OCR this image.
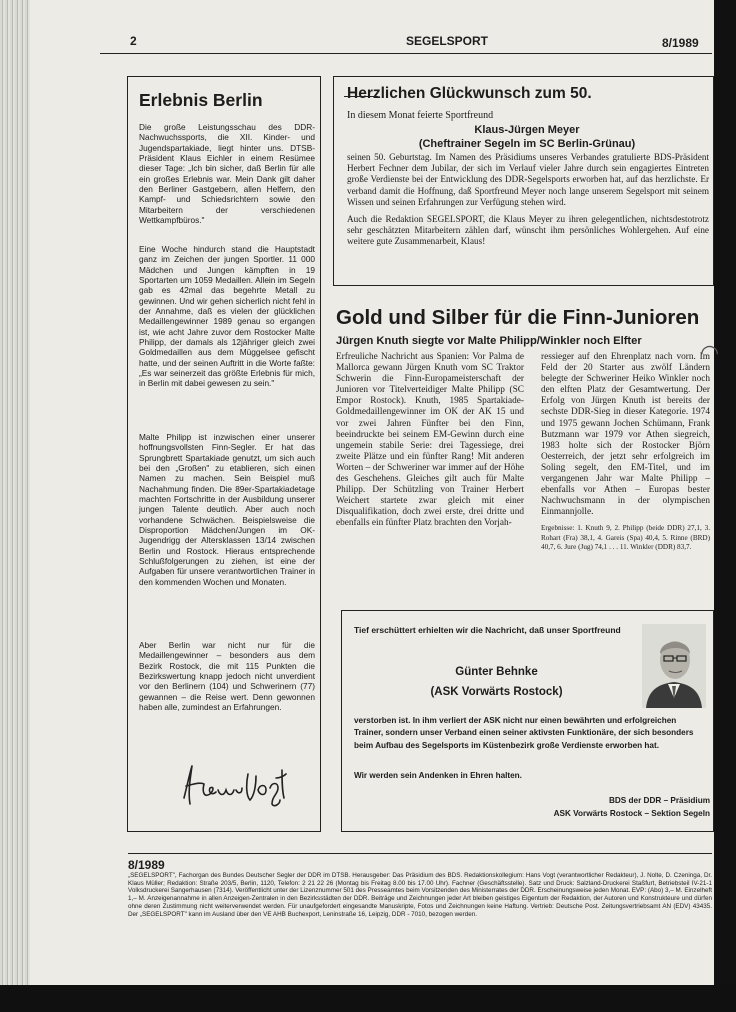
2	SEGELSPORT	8/1989
Erlebnis Berlin
Die große Leistungsschau des DDR-Nachwuchssports, die XII. Kinder- und Jugendspartakiade, liegt hinter uns. DTSB-Präsident Klaus Eichler in einem Resümee dieser Tage: „Ich bin sicher, daß Berlin für alle ein großes Erlebnis war. Mein Dank gilt daher den Berliner Gastgebern, allen Helfern, den Kampf- und Schiedsrichtern sowie den Mitarbeitern der verschiedenen Wettkampfbüros."
Eine Woche hindurch stand die Hauptstadt ganz im Zeichen der jungen Sportler. 11 000 Mädchen und Jungen kämpften in 19 Sportarten um 1059 Medaillen. Allein im Segeln gab es 42mal das begehrte Metall zu gewinnen. Und wir gehen sicherlich nicht fehl in der Annahme, daß es vielen der glücklichen Medaillengewinner 1989 genau so ergangen ist, wie acht Jahre zuvor dem Rostocker Malte Philipp, der damals als 12jähriger gleich zwei Goldmedaillen aus dem Müggelsee gefischt hatte, und der seinen Auftritt in die Worte faßte: „Es war seinerzeit das größte Erlebnis für mich, in Berlin mit dabei gewesen zu sein."
Malte Philipp ist inzwischen einer unserer hoffnungsvollsten Finn-Segler. Er hat das Sprungbrett Spartakiade genutzt, um sich auch bei den „Großen" zu etablieren, sich einen Namen zu machen. Sein Beispiel muß Nachahmung finden. Die 89er-Spartakiadetage machten Fortschritte in der Ausbildung unserer jungen Talente deutlich. Aber auch noch vorhandene Schwächen. Beispielsweise die Disproportion Mädchen/Jungen im OK-Jugendrigg der Altersklassen 13/14 zwischen Berlin und Rostock. Hieraus entsprechende Schlußfolgerungen zu ziehen, ist eine der Aufgaben für unsere verantwortlichen Trainer in den kommenden Wochen und Monaten.
Aber Berlin war nicht nur für die Medaillengewinner – besonders aus dem Bezirk Rostock, die mit 115 Punkten die Bezirkswertung knapp jedoch nicht unverdient vor den Berlinern (104) und Schwerinern (77) gewannen – die Reise wert. Denn gewonnen haben alle, zumindest an Erfahrungen.
Herzlichen Glückwunsch zum 50.
In diesem Monat feierte Sportfreund
Klaus-Jürgen Meyer
(Cheftrainer Segeln im SC Berlin-Grünau)

seinen 50. Geburtstag. Im Namen des Präsidiums unseres Verbandes gratulierte BDS-Präsident Herbert Fechner dem Jubilar, der sich im Verlauf vieler Jahre durch sein engagiertes Eintreten große Verdienste bei der Entwicklung des DDR-Segelsports erworben hat, auf das herzlichste. Er verband damit die Hoffnung, daß Sportfreund Meyer noch lange unserem Segelsport mit seinem Wissen und seinen Erfahrungen zur Verfügung stehen wird.

Auch die Redaktion SEGELSPORT, die Klaus Meyer zu ihren gelegentlichen, nichtsdestotrotz sehr geschätzten Mitarbeitern zählen darf, wünscht ihm persönliches Wohlergehen. Auf eine weitere gute Zusammenarbeit, Klaus!

Gold und Silber für die Finn-Junioren
Jürgen Knuth siegte vor Malte Philipp/Winkler noch Elfter

Erfreuliche Nachricht aus Spanien: Vor Palma de Mallorca gewann Jürgen Knuth vom SC Traktor Schwerin die Finn-Europameisterschaft der Junioren vor Titelverteidiger Malte Philipp (SC Empor Rostock). Knuth, 1985 Spartakiade-Goldmedaillengewinner im OK der AK 15 und vor zwei Jahren Fünfter bei den Finn, beeindruckte bei seinem EM-Gewinn durch eine ungemein stabile Serie: drei Tagessiege, drei zweite Plätze und ein fünfter Rang! Mit anderen Worten – der Schweriner war immer auf der Höhe des Geschehens. Gleiches gilt auch für Malte Philipp. Der Schützling von Trainer Herbert Weichert startete zwar gleich mit einer Disqualifikation, doch zwei erste, drei dritte und ebenfalls ein fünfter Platz brachten den Vorjah-

ressieger auf den Ehrenplatz nach vorn. Im Feld der 20 Starter aus zwölf Ländern belegte der Schweriner Heiko Winkler noch den elften Platz der Gesamtwertung. Der Erfolg von Jürgen Knuth ist bereits der sechste DDR-Sieg in dieser Kategorie. 1974 und 1975 gewann Jochen Schümann, Frank Butzmann war 1979 vor Athen siegreich, 1983 holte sich der Rostocker Björn Oesterreich, der jetzt sehr erfolgreich im Soling segelt, den EM-Titel, und im vergangenen Jahr war Malte Philipp – ebenfalls vor Athen – Europas bester Nachwuchsmann in der olympischen Einmannjolle.

Ergebnisse: 1. Knuth 9, 2. Philipp (beide DDR) 27,1, 3. Rohart (Fra) 38,1, 4. Gareis (Spa) 40,4, 5. Rinne (BRD) 40,7, 6. Jure (Jug) 74,1 . . . 11. Winkler (DDR) 83,7.

◠
Tief erschüttert erhielten wir die Nachricht, daß unser Sportfreund
Günter Behnke
(ASK Vorwärts Rostock)
verstorben ist. In ihm verliert der ASK nicht nur einen bewährten und erfolgreichen Trainer, sondern unser Verband einen seiner aktivsten Funktionäre, der sich besonders beim Aufbau des Segelsports im Küstenbezirk große Verdienste erworben hat.
Wir werden sein Andenken in Ehren halten.
BDS der DDR – Präsidium
ASK Vorwärts Rostock – Sektion Segeln
8/1989
„SEGELSPORT", Fachorgan des Bundes Deutscher Segler der DDR im DTSB. Herausgeber: Das Präsidium des BDS. Redaktionskollegium: Hans Vogt (verantwortlicher Redakteur), J. Nolte, D. Czeninga, Dr. Klaus Müller; Redaktion: Straße 203/5, Berlin, 1120, Telefon: 2 21 22 26 (Montag bis Freitag 8.00 bis 17.00 Uhr). Fachner (Geschäftsstelle). Satz und Druck: Salzland-Druckerei Staßfurt, Betriebsteil IV-21-1 Volksdruckerei Sangerhausen (7314). Veröffentlicht unter der Lizenznummer 501 des Presseamtes beim Vorsitzenden des Ministerrates der DDR. Erscheinungsweise jeden Monat. EVP: (Abo) 3,– M. Einzelheft 1,– M. Anzeigenannahme in allen Anzeigen-Zentralen in den Bezirksstädten der DDR. Beiträge und Zeichnungen jeder Art bleiben geistiges Eigentum der Redaktion, der Autoren und Konstrukteure und dürfen ohne deren Zustimmung nicht weiterverwendet werden. Für unaufgefordert eingesandte Manuskripte, Fotos und Zeichnungen keine Haftung. Vertrieb: Deutsche Post. Zeitungsvertriebsamt AN (EDV) 43435. Der „SEGELSPORT" kann im Ausland über den VE AHB Buchexport, Leninstraße 16, Leipzig, DDR - 7010, bezogen werden.
